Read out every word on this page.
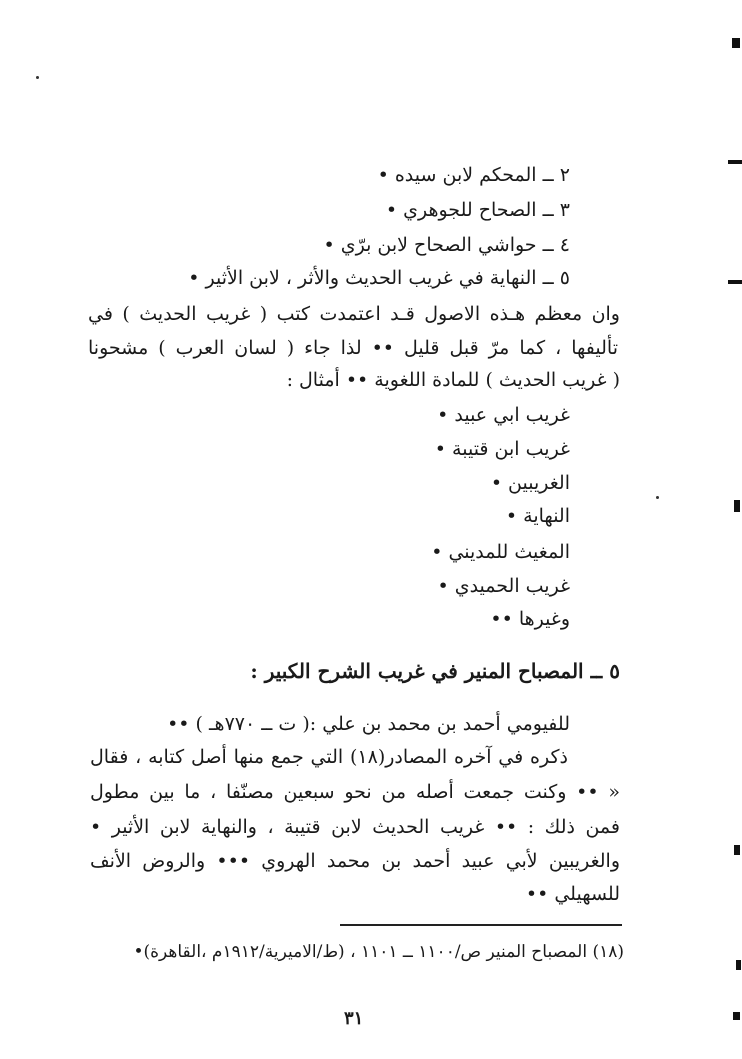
٢ ــ المحكم لابن سيده •
٣ ــ الصحاح للجوهري •
٤ ــ حواشي الصحاح لابن برّي •
٥ ــ النهاية في غريب الحديث والأثر ، لابن الأثير •
وان معظم هـذه الاصول قـد اعتمدت كتب ( غريب الحديث ) في
تأليفها ، كما مرّ قبل قليل •• لذا جاء ( لسان العرب ) مشحونا
( غريب الحديث ) للمادة اللغوية •• أمثال :
غريب ابي عبيد •
غريب ابن قتيبة •
الغريبين •
النهاية •
المغيث للمديني •
غريب الحميدي •
وغيرها ••
٥ ــ المصباح المنير في غريب الشرح الكبير :
للفيومي أحمد بن محمد بن علي :( ت ــ ٧٧٠هـ ) ••
ذكره في آخره المصادر(١٨) التي جمع منها أصل كتابه ، فقال
« •• وكنت جمعت أصله من نحو سبعين مصنّفا ، ما بين مطول
فمن ذلك : •• غريب الحديث لابن قتيبة ، والنهاية لابن الأثير •
والغريبين لأبي عبيد أحمد بن محمد الهروي ••• والروض الأنف
للسهيلي ••
(١٨) المصباح المنير ص/١١٠٠ ــ ١١٠١ ، (ط/الاميرية/١٩١٢م ،القاهرة)•
٣١
